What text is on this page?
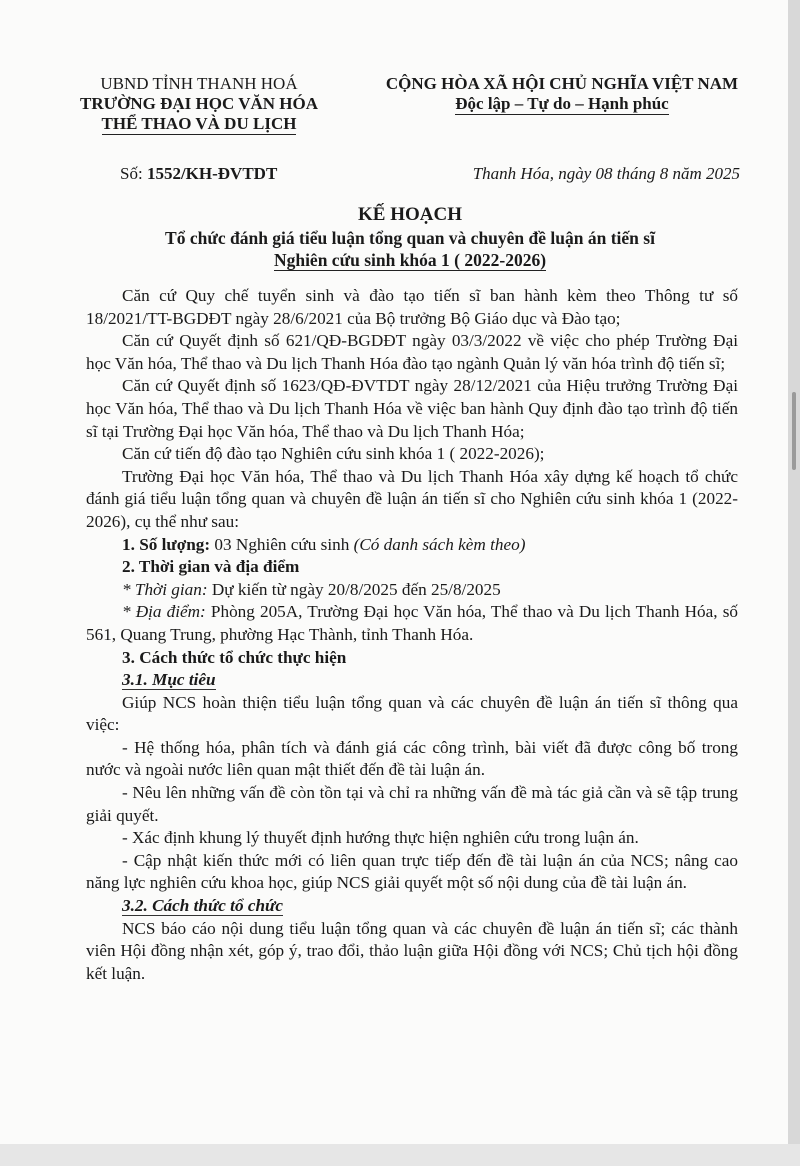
UBND TỈNH THANH HOÁ
TRƯỜNG ĐẠI HỌC VĂN HÓA
THỂ THAO VÀ DU LỊCH
CỘNG HÒA XÃ HỘI CHỦ NGHĨA VIỆT NAM
Độc lập – Tự do – Hạnh phúc
Số: 1552/KH-ĐVTDT	Thanh Hóa, ngày 08 tháng 8 năm 2025
KẾ HOẠCH
Tổ chức đánh giá tiểu luận tổng quan và chuyên đề luận án tiến sĩ
Nghiên cứu sinh khóa 1 ( 2022-2026)

Căn cứ Quy chế tuyển sinh và đào tạo tiến sĩ ban hành kèm theo Thông tư số 18/2021/TT-BGDĐT ngày 28/6/2021 của Bộ trưởng Bộ Giáo dục và Đào tạo;

Căn cứ Quyết định số 621/QĐ-BGDĐT ngày 03/3/2022 về việc cho phép Trường Đại học Văn hóa, Thể thao và Du lịch Thanh Hóa đào tạo ngành Quản lý văn hóa trình độ tiến sĩ;

Căn cứ Quyết định số 1623/QĐ-ĐVTDT ngày 28/12/2021 của Hiệu trưởng Trường Đại học Văn hóa, Thể thao và Du lịch Thanh Hóa về việc ban hành Quy định đào tạo trình độ tiến sĩ tại Trường Đại học Văn hóa, Thể thao và Du lịch Thanh Hóa;

Căn cứ tiến độ đào tạo Nghiên cứu sinh khóa 1 ( 2022-2026);

Trường Đại học Văn hóa, Thể thao và Du lịch Thanh Hóa xây dựng kế hoạch tổ chức đánh giá tiểu luận tổng quan và chuyên đề luận án tiến sĩ cho Nghiên cứu sinh khóa 1 (2022-2026), cụ thể như sau:

1. Số lượng: 03 Nghiên cứu sinh (Có danh sách kèm theo)

2. Thời gian và địa điểm

* Thời gian: Dự kiến từ ngày 20/8/2025 đến 25/8/2025

* Địa điểm: Phòng 205A, Trường Đại học Văn hóa, Thể thao và Du lịch Thanh Hóa, số 561, Quang Trung, phường Hạc Thành, tỉnh Thanh Hóa.

3. Cách thức tổ chức thực hiện

3.1. Mục tiêu

Giúp NCS hoàn thiện tiểu luận tổng quan và các chuyên đề luận án tiến sĩ thông qua việc:

- Hệ thống hóa, phân tích và đánh giá các công trình, bài viết đã được công bố trong nước và ngoài nước liên quan mật thiết đến đề tài luận án.

- Nêu lên những vấn đề còn tồn tại và chỉ ra những vấn đề mà tác giả cần và sẽ tập trung giải quyết.

- Xác định khung lý thuyết định hướng thực hiện nghiên cứu trong luận án.

- Cập nhật kiến thức mới có liên quan trực tiếp đến đề tài luận án của NCS; nâng cao năng lực nghiên cứu khoa học, giúp NCS giải quyết một số nội dung của đề tài luận án.

3.2. Cách thức tổ chức

NCS báo cáo nội dung tiểu luận tổng quan và các chuyên đề luận án tiến sĩ; các thành viên Hội đồng nhận xét, góp ý, trao đổi, thảo luận giữa Hội đồng với NCS; Chủ tịch hội đồng kết luận.
